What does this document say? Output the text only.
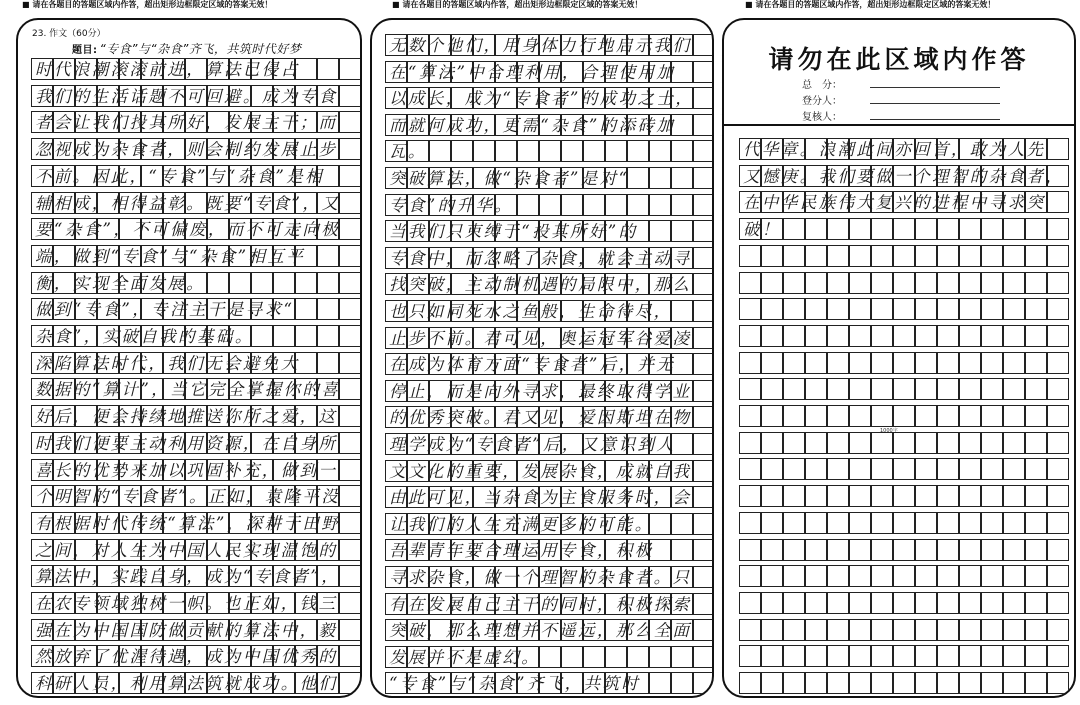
■ 请在各题目的答题区域内作答，超出矩形边框限定区域的答案无效！	■ 请在各题目的答题区域内作答，超出矩形边框限定区域的答案无效！	■ 请在各题目的答题区域内作答，超出矩形边框限定区域的答案无效！
23. 作文（60分）
题目: “专食”与“杂食”齐飞，共筑时代好梦
时代浪潮滚滚前进，算法已侵占
我们的生活话题不可回避。成为专食
者会让我们投其所好，发展主干；而
忽视成为杂食者，则会制约发展止步
不前。因此，“专食”与“杂食”是相
辅相成，相得益彰。既要“专食”，又
要“杂食”，不可偏废，而不可走向极
端，做到“专食”与“杂食”相互平
衡，实现全面发展。
做到“专食”，专注主干是寻求“
杂食”，实破自我的基础。
深陷算法时代，我们无会避免大
数据的“算计”，当它完全掌握你的喜
好后，便会持续地推送你所之爱，这
时我们便要主动利用资源，在自身所
喜长的优势来加以巩固补充，做到一
个明智的“专食者”。正如，袁隆平没
有根据时代传统“算法”，深耕于田野
之间，对人生为中国人民实现温饱的
算法中，实践自身，成为“专食者”，
在农专领域独树一帜。也正如，钱三
强在为中国国防做贡献的算法中，毅
然放弃了优渥待遇，成为中国优秀的
科研人员，利用算法筑就成功。他们
无数个他们，用身体力行地启示我们
在“算法”中合理利用，合理使用加
以成长，成为“专食者”的成功之士，
而就何成功，更需“杂食”的添砖加
瓦。
突破算法，做“杂食者”是对“
专食”的升华。
当我们只束缚于“投其所好”的
专食中，而忽略了杂食，就会主动寻
找突破，主动制机遇的局限中，那么
也只如同死水之鱼般，生命待尽，
止步不前。君可见，奥运冠军谷爱凌
在成为体育方面“专食者”后，并无
停止，而是向外寻求，最终取得学业
的优秀突破。君又见，爱因斯坦在物
理学成为“专食者”后，又意识到人
文文化的重要，发展杂食，成就自我
由此可见，当杂食为主食服务时，会
让我们的人生充满更多的可能。
吾辈青年要合理运用专食，积极
寻求杂食，做一个理智的杂食者。只
有在发展自己主干的同时，积极探索
突破，那么理想并不遥远，那么全面
发展并不是虚幻。
“专食”与“杂食”齐飞，共筑时
请勿在此区域内作答
总　分：
登分人：
复核人：
代华章。浪潮此间亦回首，敢为人先
又憾庚。我们要做一个理智的杂食者，
在中华民族伟大复兴的进程中寻求突
破！
1000字
